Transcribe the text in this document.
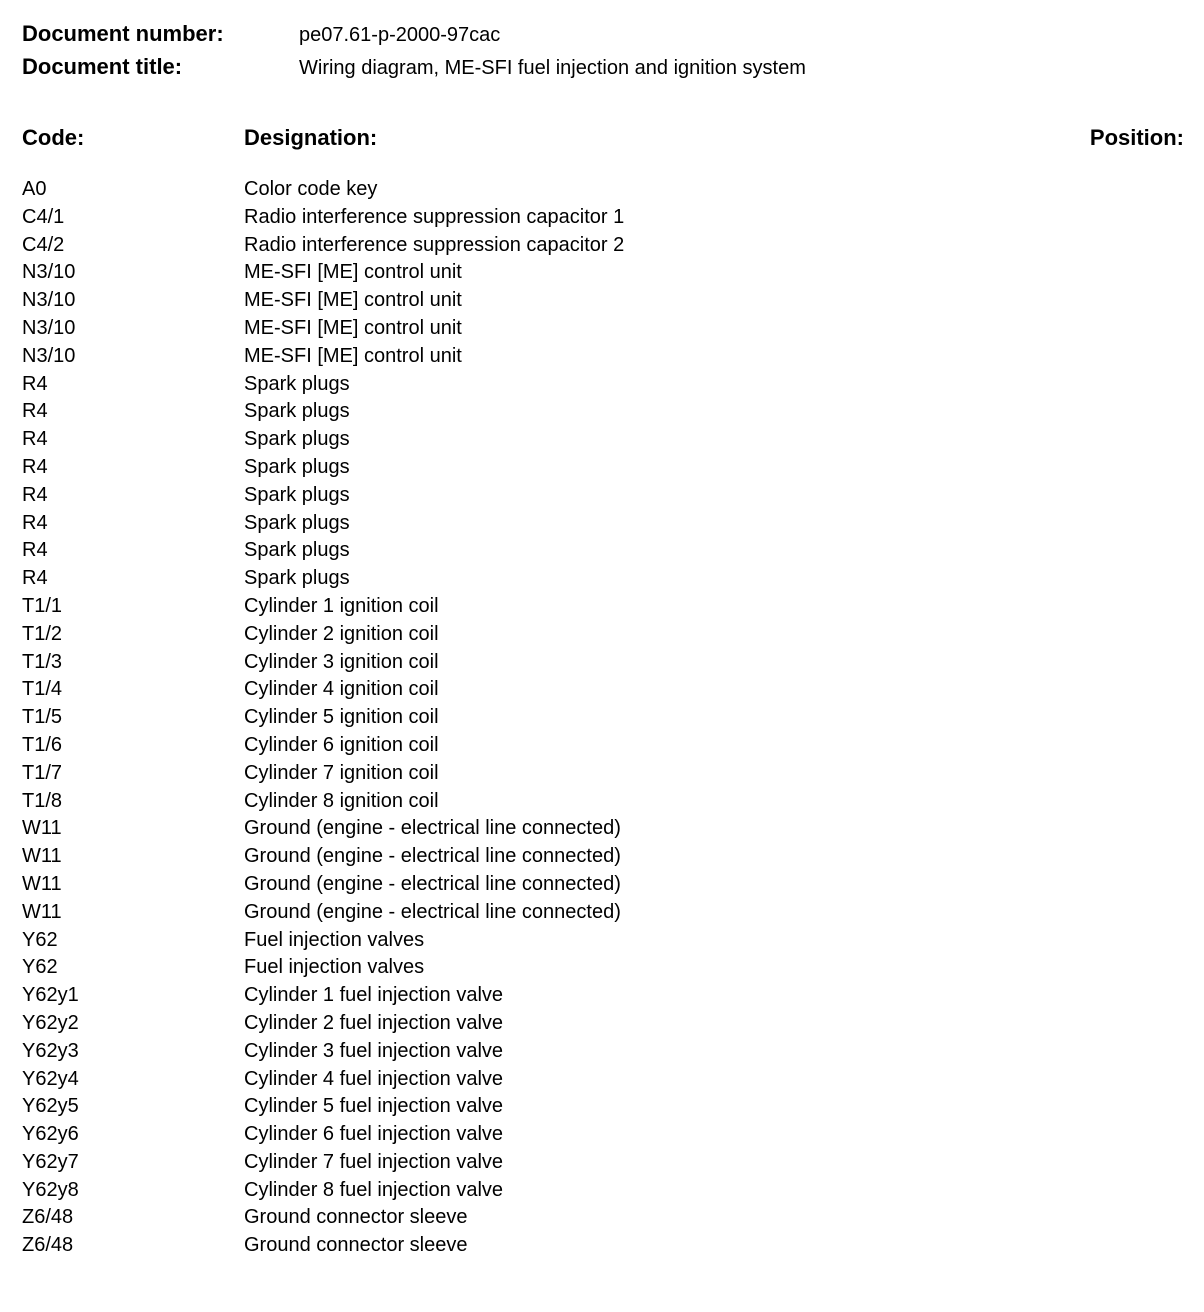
Document number:	pe07.61-p-2000-97cac
Document title:	Wiring diagram, ME-SFI fuel injection and ignition system
Code:	Designation:	Position:
A0	Color code key
C4/1	Radio interference suppression capacitor 1
C4/2	Radio interference suppression capacitor 2
N3/10	ME-SFI [ME] control unit
N3/10	ME-SFI [ME] control unit
N3/10	ME-SFI [ME] control unit
N3/10	ME-SFI [ME] control unit
R4	Spark plugs
R4	Spark plugs
R4	Spark plugs
R4	Spark plugs
R4	Spark plugs
R4	Spark plugs
R4	Spark plugs
R4	Spark plugs
T1/1	Cylinder 1 ignition coil
T1/2	Cylinder 2 ignition coil
T1/3	Cylinder 3 ignition coil
T1/4	Cylinder 4 ignition coil
T1/5	Cylinder 5 ignition coil
T1/6	Cylinder 6 ignition coil
T1/7	Cylinder 7 ignition coil
T1/8	Cylinder 8 ignition coil
W11	Ground (engine - electrical line connected)
W11	Ground (engine - electrical line connected)
W11	Ground (engine - electrical line connected)
W11	Ground (engine - electrical line connected)
Y62	Fuel injection valves
Y62	Fuel injection valves
Y62y1	Cylinder 1 fuel injection valve
Y62y2	Cylinder 2 fuel injection valve
Y62y3	Cylinder 3 fuel injection valve
Y62y4	Cylinder 4 fuel injection valve
Y62y5	Cylinder 5 fuel injection valve
Y62y6	Cylinder 6 fuel injection valve
Y62y7	Cylinder 7 fuel injection valve
Y62y8	Cylinder 8 fuel injection valve
Z6/48	Ground connector sleeve
Z6/48	Ground connector sleeve
